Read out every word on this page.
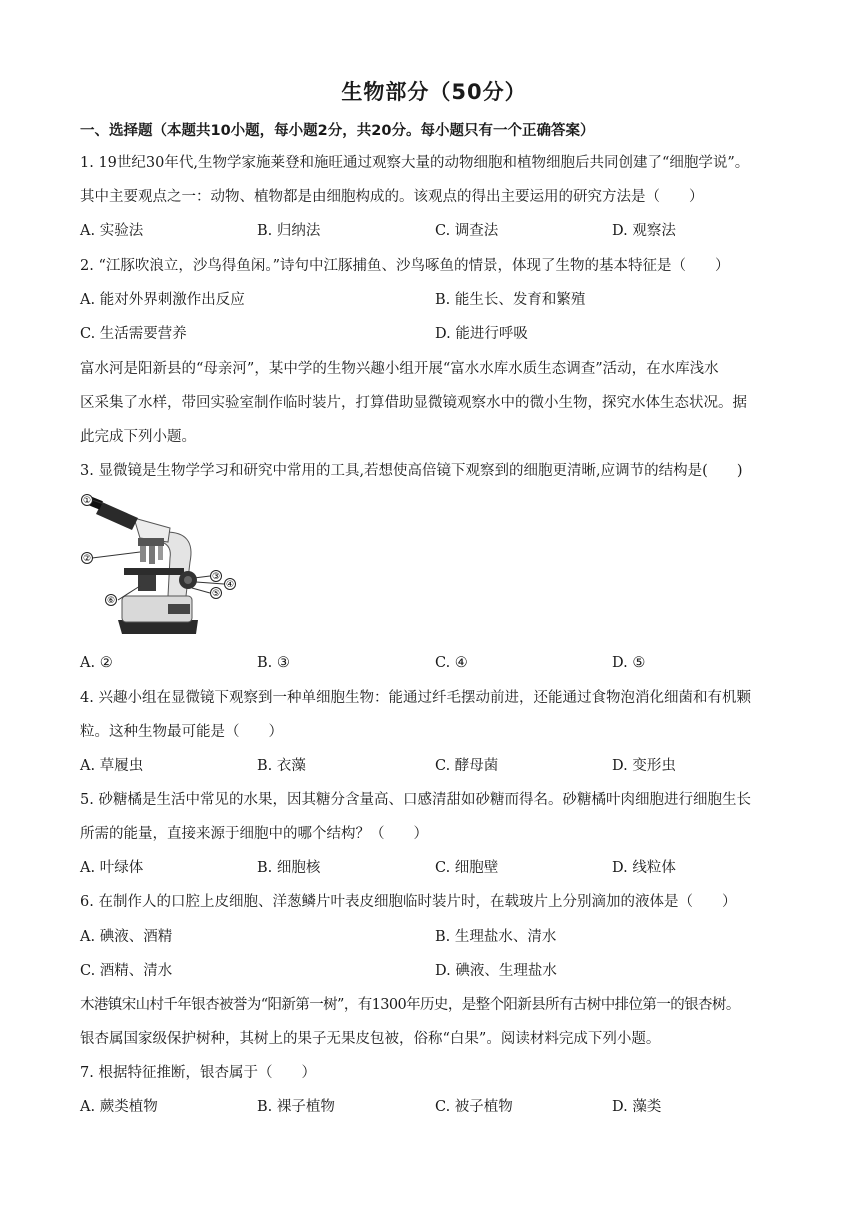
生物部分（50分）
一、选择题（本题共10小题，每小题2分，共20分。每小题只有一个正确答案）
1. 19世纪30年代,生物学家施莱登和施旺通过观察大量的动物细胞和植物细胞后共同创建了“细胞学说”。
其中主要观点之一：动物、植物都是由细胞构成的。该观点的得出主要运用的研究方法是（　　）
A. 实验法	B. 归纳法	C. 调查法	D. 观察法
2. “江豚吹浪立，沙鸟得鱼闲。”诗句中江豚捕鱼、沙鸟啄鱼的情景，体现了生物的基本特征是（　　）
A. 能对外界刺激作出反应	B. 能生长、发育和繁殖
C. 生活需要营养	D. 能进行呼吸
富水河是阳新县的“母亲河”，某中学的生物兴趣小组开展“富水水库水质生态调查”活动，在水库浅水
区采集了水样，带回实验室制作临时装片，打算借助显微镜观察水中的微小生物，探究水体生态状况。据
此完成下列小题。
3. 显微镜是生物学学习和研究中常用的工具,若想使高倍镜下观察到的细胞更清晰,应调节的结构是(　　)
①
②
③
④
⑤
⑥
A. ②	B. ③	C. ④	D. ⑤
4. 兴趣小组在显微镜下观察到一种单细胞生物：能通过纤毛摆动前进，还能通过食物泡消化细菌和有机颗
粒。这种生物最可能是（　　）
A. 草履虫	B. 衣藻	C. 酵母菌	D. 变形虫
5. 砂糖橘是生活中常见的水果，因其糖分含量高、口感清甜如砂糖而得名。砂糖橘叶肉细胞进行细胞生长
所需的能量，直接来源于细胞中的哪个结构？（　　）
A. 叶绿体	B. 细胞核	C. 细胞壁	D. 线粒体
6. 在制作人的口腔上皮细胞、洋葱鳞片叶表皮细胞临时装片时，在载玻片上分别滴加的液体是（　　）
A. 碘液、酒精	B. 生理盐水、清水
C. 酒精、清水	D. 碘液、生理盐水
木港镇宋山村千年银杏被誉为“阳新第一树”，有1300年历史，是整个阳新县所有古树中排位第一的银杏树。
银杏属国家级保护树种，其树上的果子无果皮包被，俗称“白果”。阅读材料完成下列小题。
7. 根据特征推断，银杏属于（　　）
A. 蕨类植物	B. 裸子植物	C. 被子植物	D. 藻类
